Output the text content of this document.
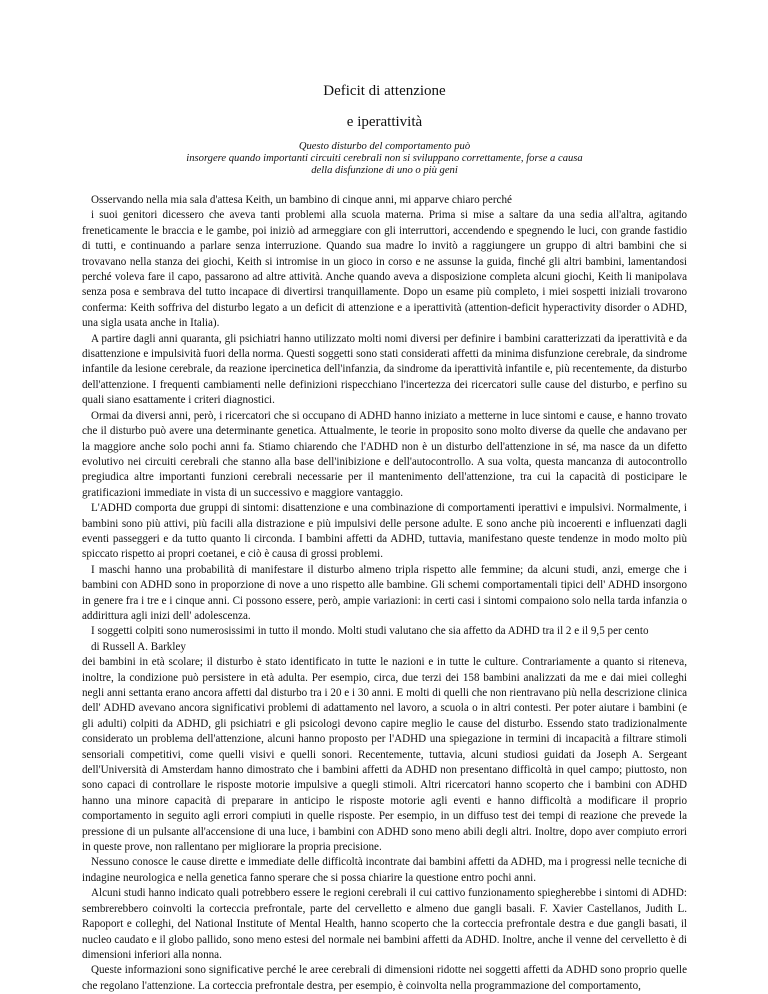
Deficit di attenzione
e iperattività
Questo disturbo del comportamento può
insorgere quando importanti circuiti cerebrali non si sviluppano correttamente, forse a causa
della disfunzione di uno o più geni

Osservando nella mia sala d'attesa Keith, un bambino di cinque anni, mi apparve chiaro perché

i suoi genitori dicessero che aveva tanti problemi alla scuola materna. Prima si mise a saltare da una sedia all'altra, agitando freneticamente le braccia e le gambe, poi iniziò ad armeggiare con gli interruttori, accendendo e spegnendo le luci, con grande fastidio di tutti, e continuando a parlare senza interruzione. Quando sua madre lo invitò a raggiungere un gruppo di altri bambini che si trovavano nella stanza dei giochi, Keith si intromise in un gioco in corso e ne assunse la guida, finché gli altri bambini, lamentandosi perché voleva fare il capo, passarono ad altre attività. Anche quando aveva a disposizione completa alcuni giochi, Keith li manipolava senza posa e sembrava del tutto incapace di divertirsi tranquillamente. Dopo un esame più completo, i miei sospetti iniziali trovarono conferma: Keith soffriva del disturbo legato a un deficit di attenzione e a iperattività (attention-deficit hyperactivity disorder o ADHD, una sigla usata anche in Italia).

A partire dagli anni quaranta, gli psichiatri hanno utilizzato molti nomi diversi per definire i bambini caratterizzati da iperattività e da disattenzione e impulsività fuori della norma. Questi soggetti sono stati considerati affetti da minima disfunzione cerebrale, da sindrome infantile da lesione cerebrale, da reazione ipercinetica dell'infanzia, da sindrome da iperattività infantile e, più recentemente, da disturbo dell'attenzione. I frequenti cambiamenti nelle definizioni rispecchiano l'incertezza dei ricercatori sulle cause del disturbo, e perfino su quali siano esattamente i criteri diagnostici.

Ormai da diversi anni, però, i ricercatori che si occupano di ADHD hanno iniziato a metterne in luce sintomi e cause, e hanno trovato che il disturbo può avere una determinante genetica. Attualmente, le teorie in proposito sono molto diverse da quelle che andavano per la maggiore anche solo pochi anni fa. Stiamo chiarendo che l'ADHD non è un disturbo dell'attenzione in sé, ma nasce da un difetto evolutivo nei circuiti cerebrali che stanno alla base dell'inibizione e dell'autocontrollo. A sua volta, questa mancanza di autocontrollo pregiudica altre importanti funzioni cerebrali necessarie per il mantenimento dell'attenzione, tra cui la capacità di posticipare le gratificazioni immediate in vista di un successivo e maggiore vantaggio.

L'ADHD comporta due gruppi di sintomi: disattenzione e una combinazione di comportamenti iperattivi e impulsivi. Normalmente, i bambini sono più attivi, più facili alla distrazione e più impulsivi delle persone adulte. E sono anche più incoerenti e influenzati dagli eventi passeggeri e da tutto quanto li circonda. I bambini affetti da ADHD, tuttavia, manifestano queste tendenze in modo molto più spiccato rispetto ai propri coetanei, e ciò è causa di grossi problemi.

I maschi hanno una probabilità di manifestare il disturbo almeno tripla rispetto alle femmine; da alcuni studi, anzi, emerge che i bambini con ADHD sono in proporzione di nove a uno rispetto alle bambine. Gli schemi comportamentali tipici dell' ADHD insorgono in genere fra i tre e i cinque anni. Ci possono essere, però, ampie variazioni: in certi casi i sintomi compaiono solo nella tarda infanzia o addirittura agli inizi dell' adolescenza.

I soggetti colpiti sono numerosissimi in tutto il mondo. Molti studi valutano che sia affetto da ADHD tra il 2 e il 9,5 per cento

di Russell A. Barkley

dei bambini in età scolare; il disturbo è stato identificato in tutte le nazioni e in tutte le culture. Contrariamente a quanto si riteneva, inoltre, la condizione può persistere in età adulta. Per esempio, circa, due terzi dei 158 bambini analizzati da me e dai miei colleghi negli anni settanta erano ancora affetti dal disturbo tra i 20 e i 30 anni. E molti di quelli che non rientravano più nella descrizione clinica dell' ADHD avevano ancora significativi problemi di adattamento nel lavoro, a scuola o in altri contesti. Per poter aiutare i bambini (e gli adulti) colpiti da ADHD, gli psichiatri e gli psicologi devono capire meglio le cause del disturbo. Essendo stato tradizionalmente considerato un problema dell'attenzione, alcuni hanno proposto per l'ADHD una spiegazione in termini di incapacità a filtrare stimoli sensoriali competitivi, come quelli visivi e quelli sonori. Recentemente, tuttavia, alcuni studiosi guidati da Joseph A. Sergeant dell'Università di Amsterdam hanno dimostrato che i bambini affetti da ADHD non presentano difficoltà in quel campo; piuttosto, non sono capaci di controllare le risposte motorie impulsive a quegli stimoli. Altri ricercatori hanno scoperto che i bambini con ADHD hanno una minore capacità di preparare in anticipo le risposte motorie agli eventi e hanno difficoltà a modificare il proprio comportamento in seguito agli errori compiuti in quelle risposte. Per esempio, in un diffuso test dei tempi di reazione che prevede la pressione di un pulsante all'accensione di una luce, i bambini con ADHD sono meno abili degli altri. Inoltre, dopo aver compiuto errori in queste prove, non rallentano per migliorare la propria precisione.

Nessuno conosce le cause dirette e immediate delle difficoltà incontrate dai bambini affetti da ADHD, ma i progressi nelle tecniche di indagine neurologica e nella genetica fanno sperare che si possa chiarire la questione entro pochi anni.

Alcuni studi hanno indicato quali potrebbero essere le regioni cerebrali il cui cattivo funzionamento spiegherebbe i sintomi di ADHD: sembrerebbero coinvolti la corteccia prefrontale, parte del cervelletto e almeno due gangli basali. F. Xavier Castellanos, Judith L. Rapoport e colleghi, del National Institute of Mental Health, hanno scoperto che la corteccia prefrontale destra e due gangli basati, il nucleo caudato e il globo pallido, sono meno estesi del normale nei bambini affetti da ADHD. Inoltre, anche il venne del cervelletto è di dimensioni inferiori alla nonna.

Queste informazioni sono significative perché le aree cerebrali di dimensioni ridotte nei soggetti affetti da ADHD sono proprio quelle che regolano l'attenzione. La corteccia prefrontale destra, per esempio, è coinvolta nella programmazione del comportamento,
